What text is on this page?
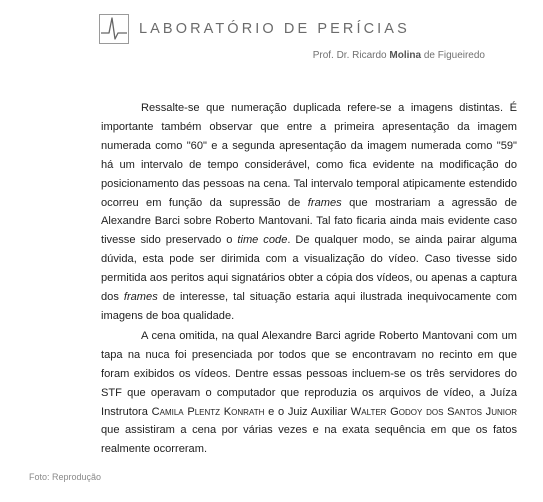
LABORATÓRIO DE PERÍCIAS
Prof. Dr. Ricardo Molina de Figueiredo

Ressalte-se que numeração duplicada refere-se a imagens distintas. É importante também observar que entre a primeira apresentação da imagem numerada como "60" e a segunda apresentação da imagem numerada como "59" há um intervalo de tempo considerável, como fica evidente na modificação do posicionamento das pessoas na cena. Tal intervalo temporal atipicamente estendido ocorreu em função da supressão de frames que mostrariam a agressão de Alexandre Barci sobre Roberto Mantovani. Tal fato ficaria ainda mais evidente caso tivesse sido preservado o time code. De qualquer modo, se ainda pairar alguma dúvida, esta pode ser dirimida com a visualização do vídeo. Caso tivesse sido permitida aos peritos aqui signatários obter a cópia dos vídeos, ou apenas a captura dos frames de interesse, tal situação estaria aqui ilustrada inequivocamente com imagens de boa qualidade.

A cena omitida, na qual Alexandre Barci agride Roberto Mantovani com um tapa na nuca foi presenciada por todos que se encontravam no recinto em que foram exibidos os vídeos. Dentre essas pessoas incluem-se os três servidores do STF que operavam o computador que reproduzia os arquivos de vídeo, a Juíza Instrutora Camila Plentz Konrath e o Juiz Auxiliar Walter Godoy dos Santos Junior que assistiram a cena por várias vezes e na exata sequência em que os fatos realmente ocorreram.

Foto: Reprodução
